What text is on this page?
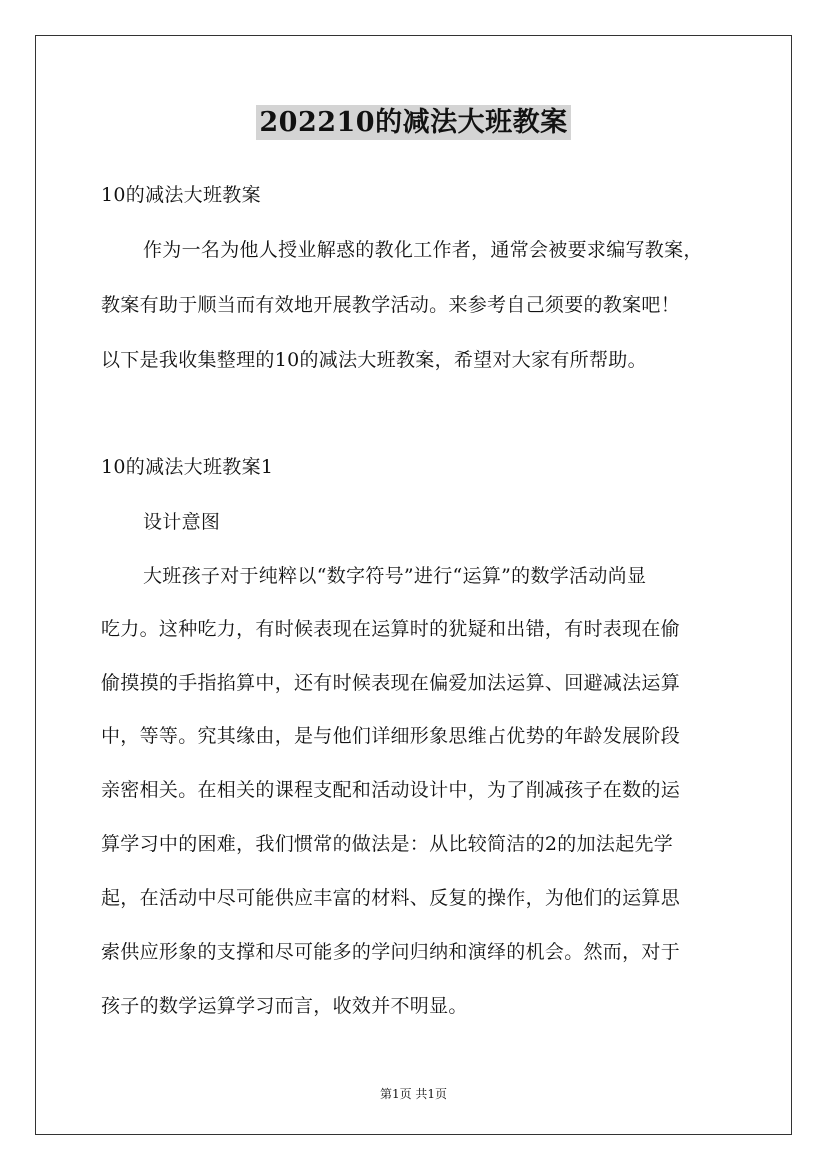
202210的减法大班教案
10的减法大班教案
作为一名为他人授业解惑的教化工作者，通常会被要求编写教案，
教案有助于顺当而有效地开展教学活动。来参考自己须要的教案吧！
以下是我收集整理的10的减法大班教案，希望对大家有所帮助。
10的减法大班教案1
设计意图
大班孩子对于纯粹以“数字符号”进行“运算”的数学活动尚显
吃力。这种吃力，有时候表现在运算时的犹疑和出错，有时表现在偷
偷摸摸的手指掐算中，还有时候表现在偏爱加法运算、回避减法运算
中，等等。究其缘由，是与他们详细形象思维占优势的年龄发展阶段
亲密相关。在相关的课程支配和活动设计中，为了削减孩子在数的运
算学习中的困难，我们惯常的做法是：从比较简洁的2的加法起先学
起，在活动中尽可能供应丰富的材料、反复的操作，为他们的运算思
索供应形象的支撑和尽可能多的学问归纳和演绎的机会。然而，对于
孩子的数学运算学习而言，收效并不明显。
第1页 共1页
